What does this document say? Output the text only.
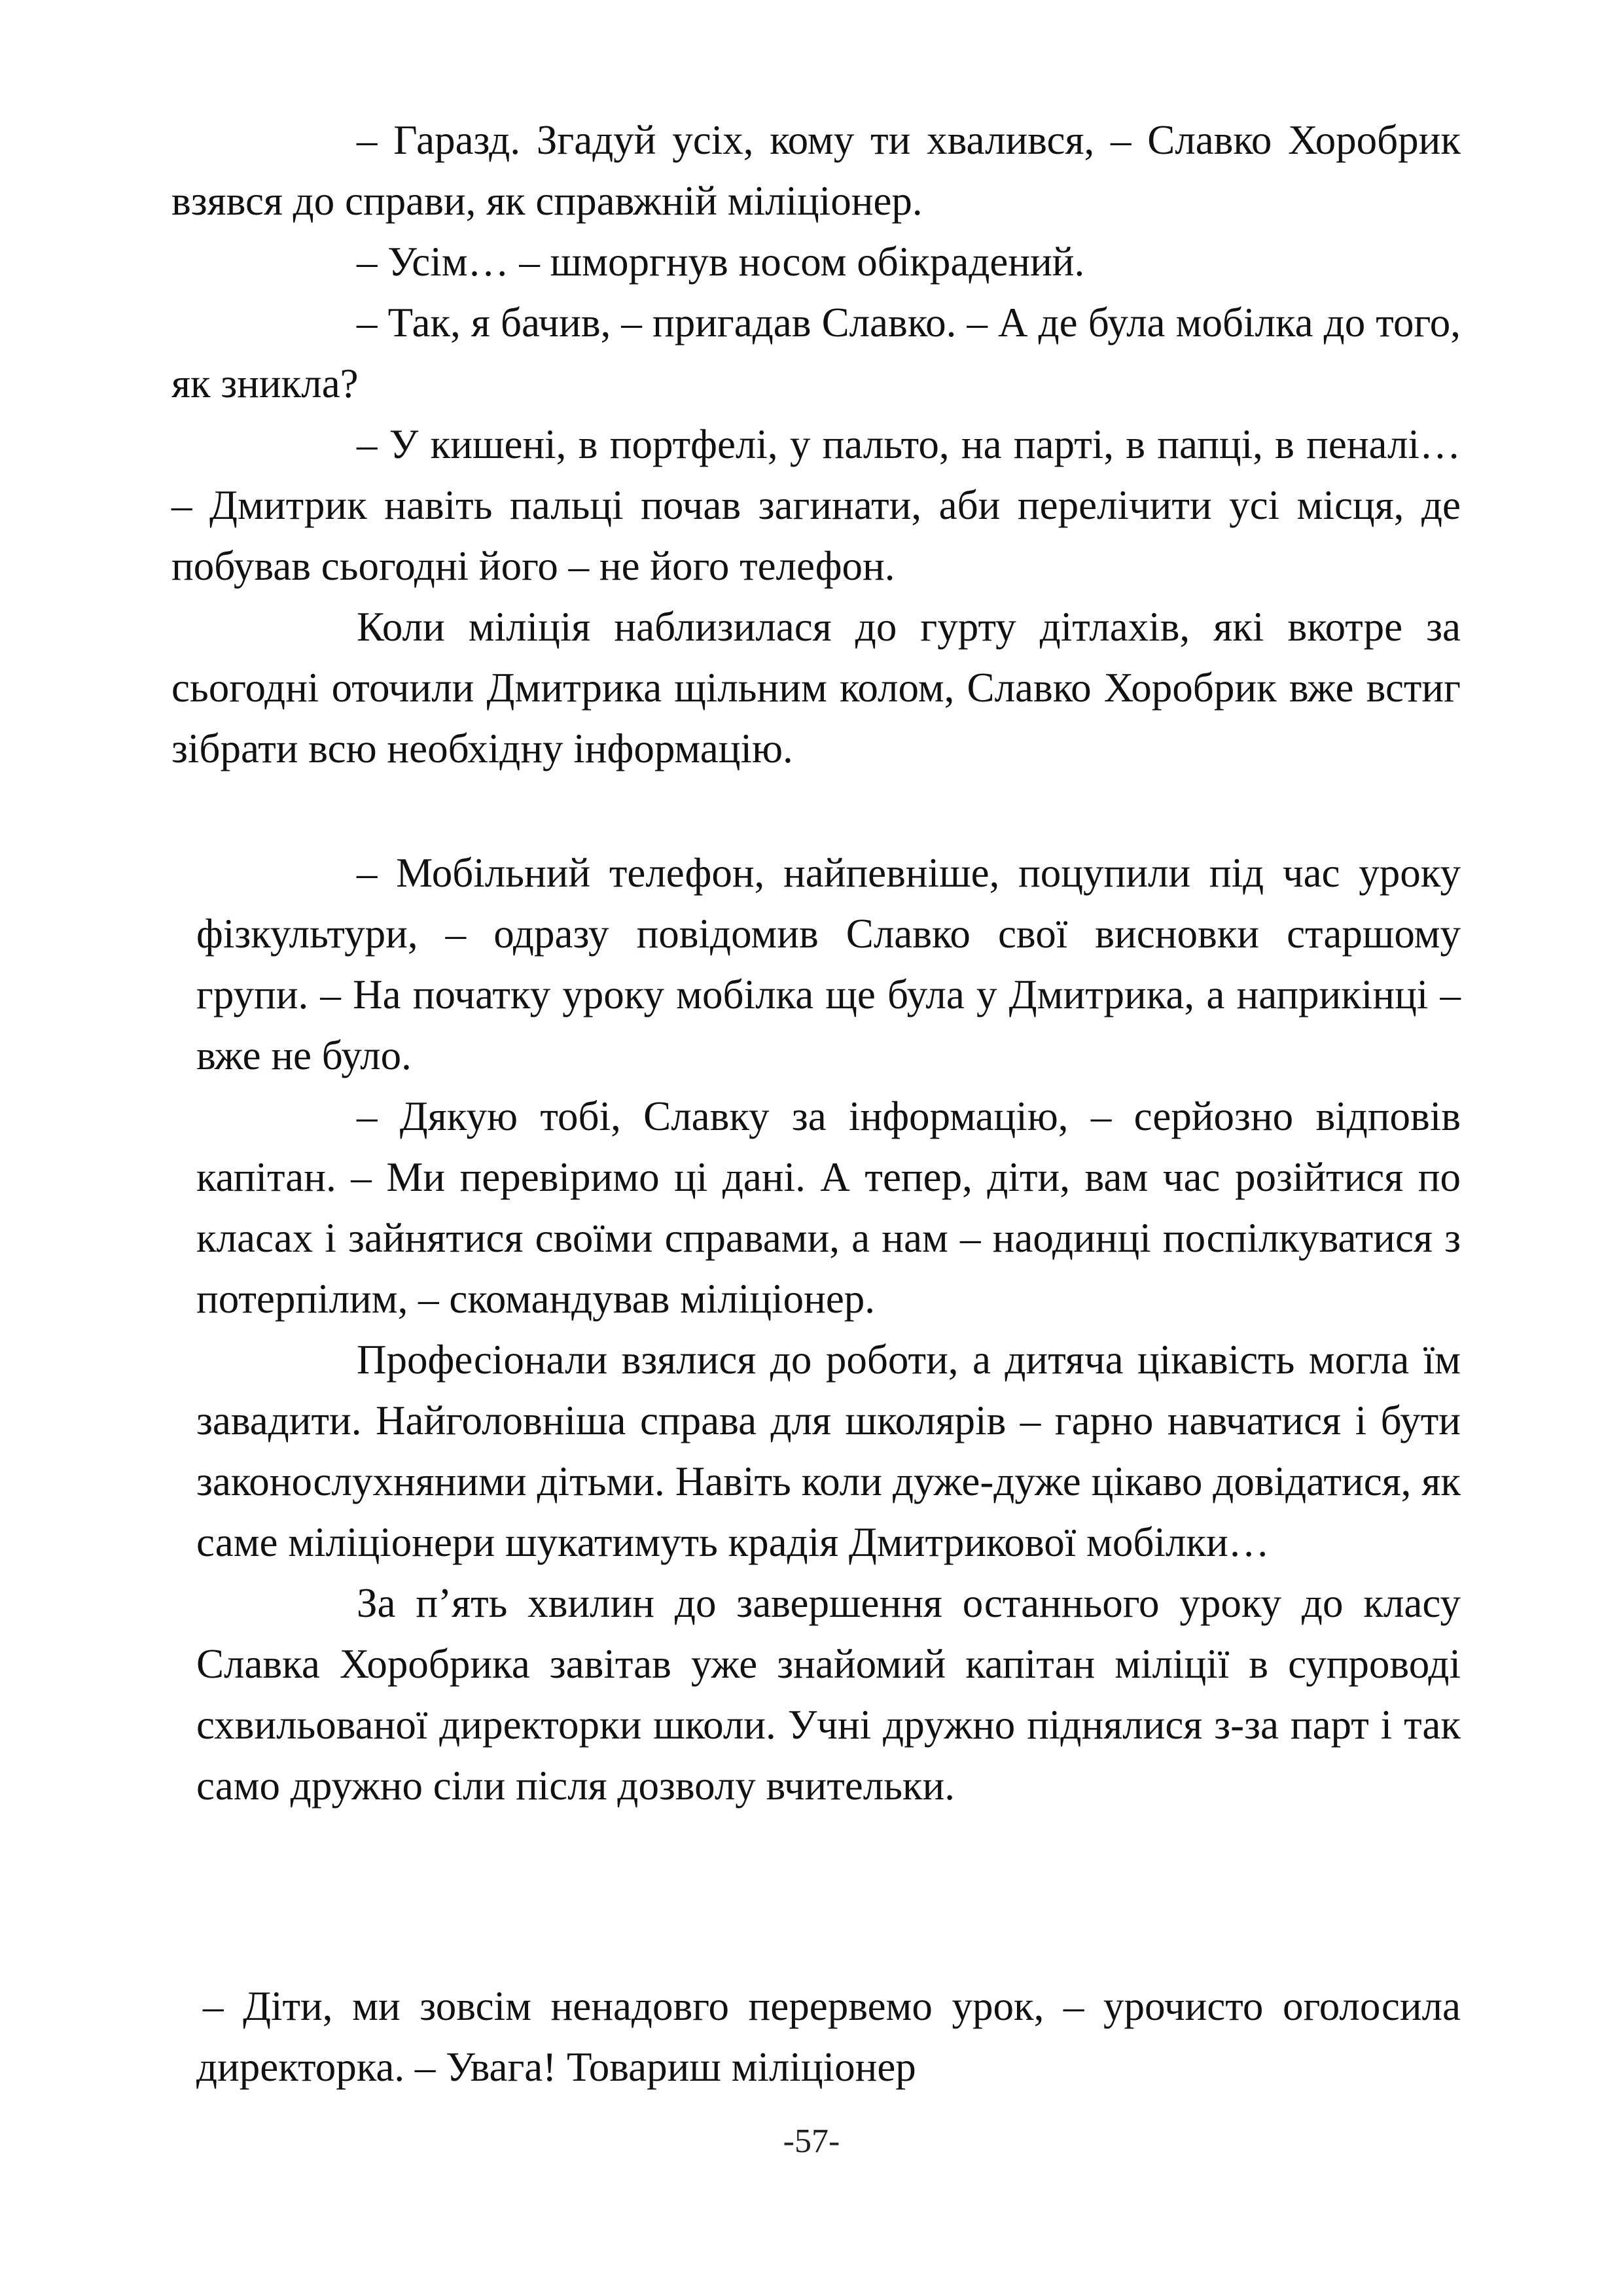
– Гаразд. Згадуй усіх, кому ти хвалився, – Славко Хоробрик взявся до справи, як справжній міліціонер.

– Усім… – шморгнув носом обікрадений.

– Так, я бачив, – пригадав Славко. – А де була мобілка до того, як зникла?

– У кишені, в портфелі, у пальто, на парті, в папці, в пеналі… – Дмитрик навіть пальці почав загинати, аби перелічити усі місця, де побував сьогодні його – не його телефон.

Коли міліція наблизилася до гурту дітлахів, які вкотре за сьогодні оточили Дмитрика щільним колом, Славко Хоробрик вже встиг зібрати всю необхідну інформацію.

– Мобільний телефон, найпевніше, поцупили під час уроку фізкультури, – одразу повідомив Славко свої висновки старшому групи. – На початку уроку мобілка ще була у Дмитрика, а наприкінці – вже не було.

– Дякую тобі, Славку за інформацію, – серйозно відповів капітан. – Ми перевіримо ці дані. А тепер, діти, вам час розійтися по класах і зайнятися своїми справами, а нам – наодинці поспілкуватися з потерпілим, – скомандував міліціонер.

Професіонали взялися до роботи, а дитяча цікавість могла їм завадити. Найголовніша справа для школярів – гарно навчатися і бути законослухняними дітьми. Навіть коли дуже-дуже цікаво довідатися, як саме міліціонери шукатимуть крадія Дмитрикової мобілки…

За п’ять хвилин до завершення останнього уроку до класу Славка Хоробрика завітав уже знайомий капітан міліції в супроводі схвильованої директорки школи. Учні дружно піднялися з-за парт і так само дружно сіли після дозволу вчительки.

– Діти, ми зовсім ненадовго перервемо урок, – урочисто оголосила директорка. – Увага! Товариш міліціонер

-57-
